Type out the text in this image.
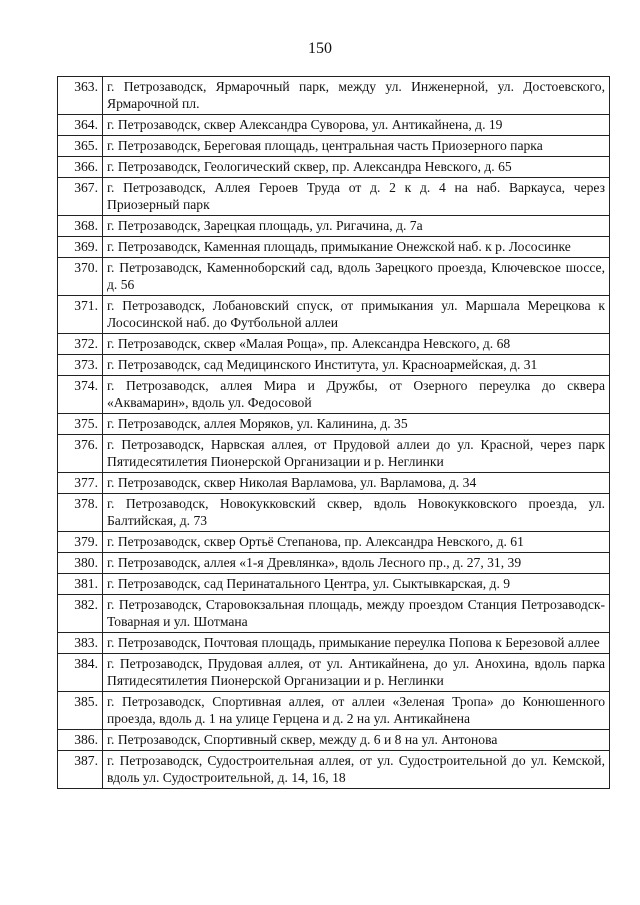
150
363.	г. Петрозаводск, Ярмарочный парк, между ул. Инженерной, ул. Достоевского, Ярмарочной пл.
364.	г. Петрозаводск, сквер Александра Суворова, ул. Антикайнена, д. 19
365.	г. Петрозаводск, Береговая площадь, центральная часть Приозерного парка
366.	г. Петрозаводск, Геологический сквер, пр. Александра Невского, д. 65
367.	г. Петрозаводск, Аллея Героев Труда от д. 2 к д. 4 на наб. Варкауса, через Приозерный парк
368.	г. Петрозаводск, Зарецкая площадь, ул. Ригачина, д. 7а
369.	г. Петрозаводск, Каменная площадь, примыкание Онежской наб. к р. Лососинке
370.	г. Петрозаводск, Каменноборский сад, вдоль Зарецкого проезда, Ключевское шоссе, д. 56
371.	г. Петрозаводск, Лобановский спуск, от примыкания ул. Маршала Мерецкова к Лососинской наб. до Футбольной аллеи
372.	г. Петрозаводск, сквер «Малая Роща», пр. Александра Невского, д. 68
373.	г. Петрозаводск, сад Медицинского Института, ул. Красноармейская, д. 31
374.	г. Петрозаводск, аллея Мира и Дружбы, от Озерного переулка до сквера «Аквамарин», вдоль ул. Федосовой
375.	г. Петрозаводск, аллея Моряков, ул. Калинина, д. 35
376.	г. Петрозаводск, Нарвская аллея, от Прудовой аллеи до ул. Красной, через парк Пятидесятилетия Пионерской Организации и р. Неглинки
377.	г. Петрозаводск, сквер Николая Варламова, ул. Варламова, д. 34
378.	г. Петрозаводск, Новокукковский сквер, вдоль Новокукковского проезда, ул. Балтийская, д. 73
379.	г. Петрозаводск, сквер Ортьё Степанова, пр. Александра Невского, д. 61
380.	г. Петрозаводск, аллея «1-я Древлянка», вдоль Лесного пр., д. 27, 31, 39
381.	г. Петрозаводск, сад Перинатального Центра, ул. Сыктывкарская, д. 9
382.	г. Петрозаводск, Старовокзальная площадь, между проездом Станция Петрозаводск-Товарная и ул. Шотмана
383.	г. Петрозаводск, Почтовая площадь, примыкание переулка Попова к Березовой аллее
384.	г. Петрозаводск, Прудовая аллея, от ул. Антикайнена, до ул. Анохина, вдоль парка Пятидесятилетия Пионерской Организации и р. Неглинки
385.	г. Петрозаводск, Спортивная аллея, от аллеи «Зеленая Тропа» до Конюшенного проезда, вдоль д. 1 на улице Герцена и д. 2 на ул. Антикайнена
386.	г. Петрозаводск, Спортивный сквер, между д. 6 и 8 на ул. Антонова
387.	г. Петрозаводск, Судостроительная аллея, от ул. Судостроительной до ул. Кемской, вдоль ул. Судостроительной, д. 14, 16, 18
